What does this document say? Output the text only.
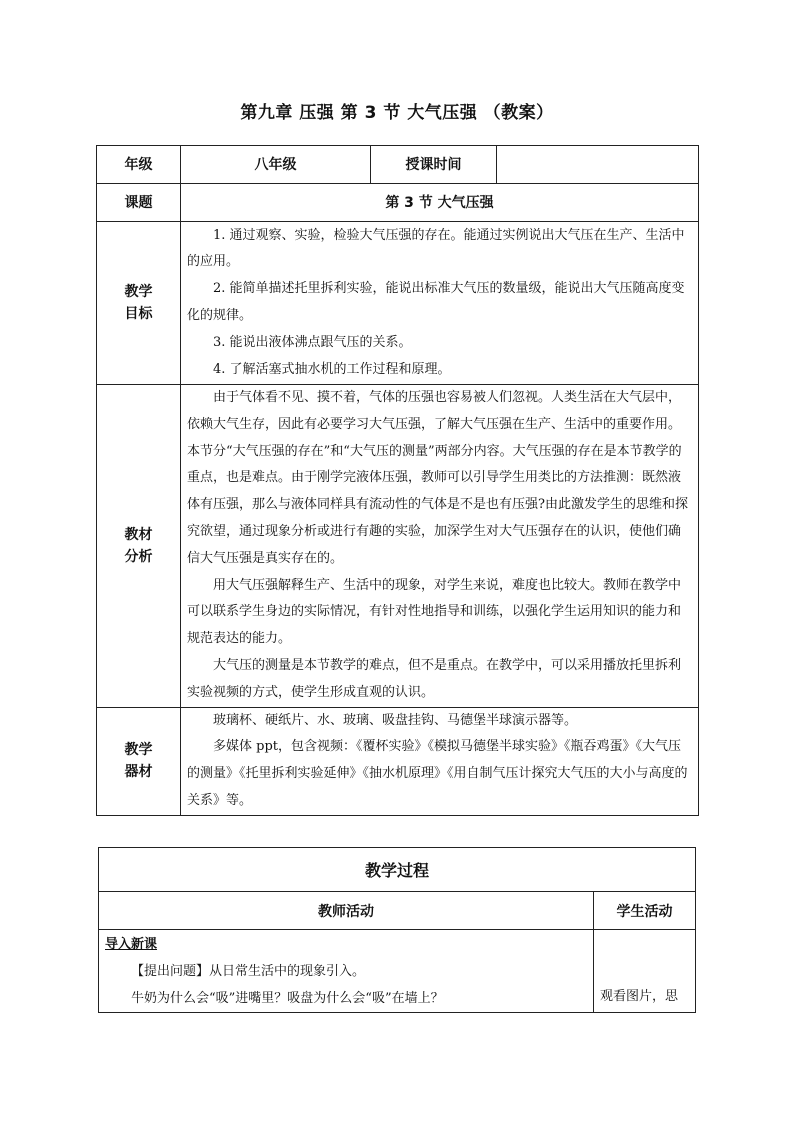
第九章 压强 第 3 节 大气压强 （教案）
年级	八年级	授课时间	
课题	第 3 节 大气压强		

教学目标	1. 通过观察、实验，检验大气压强的存在。能通过实例说出大气压在生产、生活中的应用。

2. 能简单描述托里拆利实验，能说出标准大气压的数量级，能说出大气压随高度变化的规律。

3. 能说出液体沸点跟气压的关系。

4. 了解活塞式抽水机的工作过程和原理。		

教材分析	由于气体看不见、摸不着，气体的压强也容易被人们忽视。人类生活在大气层中，依赖大气生存，因此有必要学习大气压强，了解大气压强在生产、生活中的重要作用。本节分“大气压强的存在”和“大气压的测量”两部分内容。大气压强的存在是本节教学的重点，也是难点。由于刚学完液体压强，教师可以引导学生用类比的方法推测：既然液体有压强，那么与液体同样具有流动性的气体是不是也有压强?由此激发学生的思维和探究欲望，通过现象分析或进行有趣的实验，加深学生对大气压强存在的认识，使他们确信大气压强是真实存在的。

用大气压强解释生产、生活中的现象，对学生来说，难度也比较大。教师在教学中可以联系学生身边的实际情况，有针对性地指导和训练，以强化学生运用知识的能力和规范表达的能力。

大气压的测量是本节教学的难点，但不是重点。在教学中，可以采用播放托里拆利实验视频的方式，使学生形成直观的认识。		

教学器材	玻璃杯、硬纸片、水、玻璃、吸盘挂钩、马德堡半球演示器等。

多媒体 ppt，包含视频：《覆杯实验》《模拟马德堡半球实验》《瓶吞鸡蛋》《大气压的测量》《托里拆利实验延伸》《抽水机原理》《用自制气压计探究大气压的大小与高度的关系》等。		

教学过程	
教师活动	学生活动

导入新课

【提出问题】从日常生活中的现象引入。

牛奶为什么会“吸”进嘴里？吸盘为什么会“吸”在墙上？	观看图片，思
